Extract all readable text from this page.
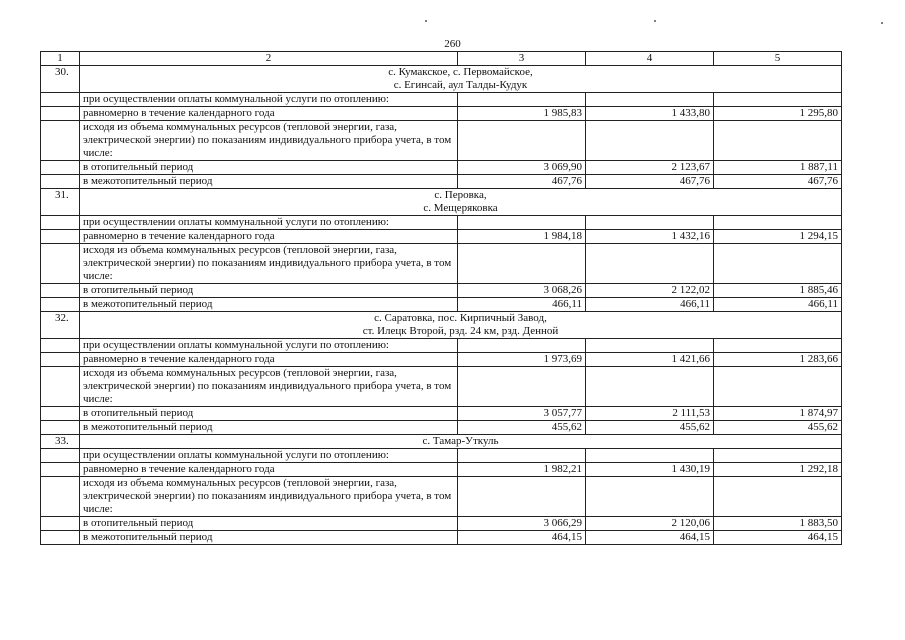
260
1	2	3	4	5
30.	с. Кумакское, с. Первомайское,
с. Егинсай, аул Талды-Кудук			

	при осуществлении оплаты коммунальной услуги по отоплению:			
	равномерно в течение календарного года	1 985,83	1 433,80	1 295,80
	исходя из объема коммунальных ресурсов (тепловой энергии, газа, электрической энергии) по показаниям индивидуального прибора учета, в том числе:			
	в отопительный период	3 069,90	2 123,67	1 887,11
	в межотопительный период	467,76	467,76	467,76
31.	с. Перовка,
с. Мещеряковка			

	при осуществлении оплаты коммунальной услуги по отоплению:			
	равномерно в течение календарного года	1 984,18	1 432,16	1 294,15
	исходя из объема коммунальных ресурсов (тепловой энергии, газа, электрической энергии) по показаниям индивидуального прибора учета, в том числе:			
	в отопительный период	3 068,26	2 122,02	1 885,46
	в межотопительный период	466,11	466,11	466,11
32.	с. Саратовка, пос. Кирпичный Завод,
ст. Илецк Второй, рзд. 24 км, рзд. Денной			

	при осуществлении оплаты коммунальной услуги по отоплению:			
	равномерно в течение календарного года	1 973,69	1 421,66	1 283,66
	исходя из объема коммунальных ресурсов (тепловой энергии, газа, электрической энергии) по показаниям индивидуального прибора учета, в том числе:			
	в отопительный период	3 057,77	2 111,53	1 874,97
	в межотопительный период	455,62	455,62	455,62
33.	с. Тамар-Уткуль			

	при осуществлении оплаты коммунальной услуги по отоплению:			
	равномерно в течение календарного года	1 982,21	1 430,19	1 292,18
	исходя из объема коммунальных ресурсов (тепловой энергии, газа, электрической энергии) по показаниям индивидуального прибора учета, в том числе:			
	в отопительный период	3 066,29	2 120,06	1 883,50
	в межотопительный период	464,15	464,15	464,15
